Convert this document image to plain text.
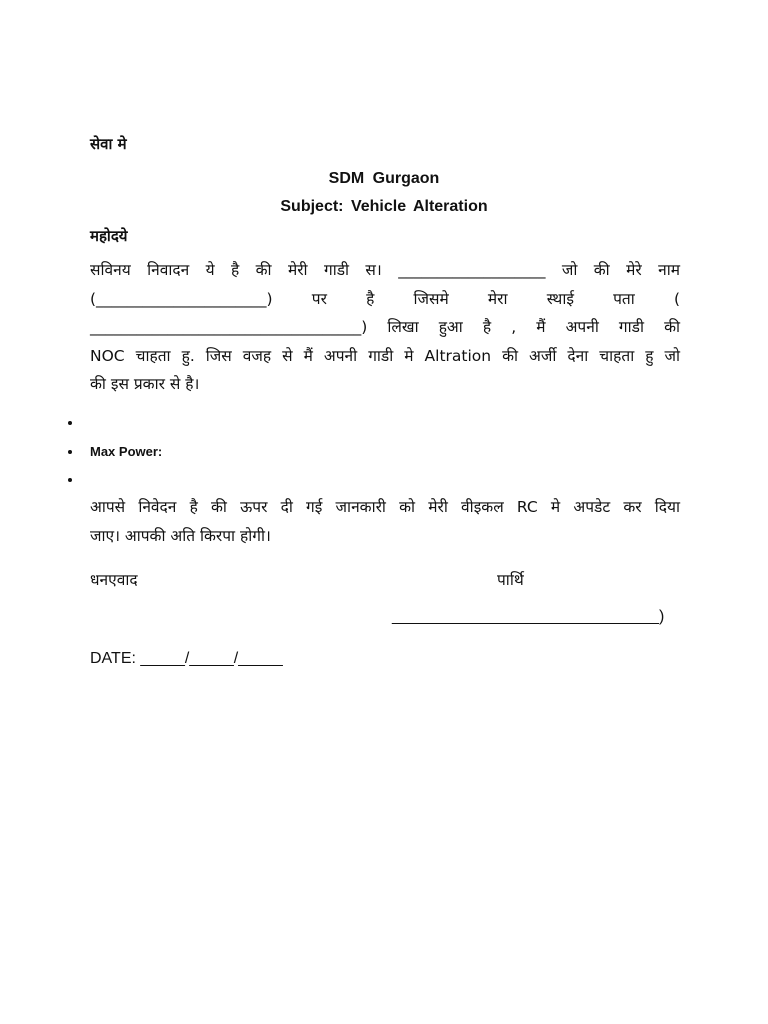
सेवा मे
SDM Gurgaon
Subject: Vehicle Alteration
महोदये
सविनय निवादन ये है की मेरी गाडी स। ___________________ जो की मेरे नाम
(______________________) पर है जिसमे मेरा स्थाई पता (
___________________________________) लिखा हुआ है , मैं अपनी गाडी की
NOC चाहता हु. जिस वजह से मैं अपनी गाडी मे Altration की अर्जी देना चाहता हु जो
की इस प्रकार से है।
Max Power:
आपसे निवेदन है की ऊपर दी गई जानकारी को मेरी वीइकल RC मे अपडेट कर दिया
जाए। आपकी अति किरपा होगी।
धनएवाद	पार्थि
______________________________)
DATE: _____/_____/_____
